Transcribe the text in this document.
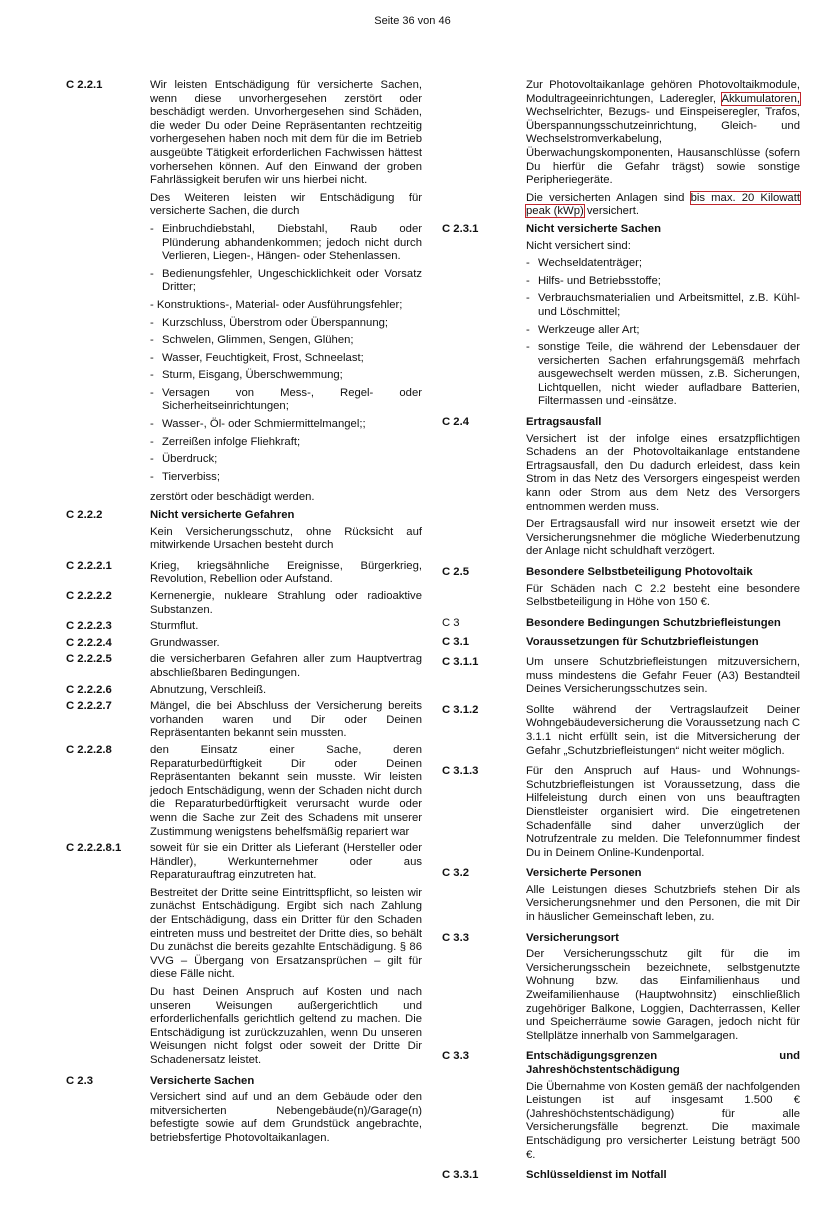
Seite 36 von 46
C 2.2.1	Wir leisten Entschädigung für versicherte Sachen, wenn diese unvorhergesehen zerstört oder beschädigt werden. Unvorhergesehen sind Schäden, die weder Du oder Deine Repräsentanten rechtzeitig vorhergesehen haben noch mit dem für die im Betrieb ausgeübte Tätigkeit erforderlichen Fachwissen hättest vorhersehen können. Auf den Einwand der groben Fahrlässigkeit berufen wir uns hierbei nicht.

Des Weiteren leisten wir Entschädigung für versicherte Sachen, die durch

- Einbruchdiebstahl, Diebstahl, Raub oder Plünderung abhandenkommen; jedoch nicht durch Verlieren, Liegen-, Hängen- oder Stehenlassen.
- Bedienungsfehler, Ungeschicklichkeit oder Vorsatz Dritter;
- Konstruktions-, Material- oder Ausführungsfehler;
- Kurzschluss, Überstrom oder Überspannung;
- Schwelen, Glimmen, Sengen, Glühen;
- Wasser, Feuchtigkeit, Frost, Schneelast;
- Sturm, Eisgang, Überschwemmung;
- Versagen von Mess-, Regel- oder Sicherheitseinrichtungen;
- Wasser-, Öl- oder Schmiermittelmangel;;
- Zerreißen infolge Fliehkraft;
- Überdruck;
- Tierverbiss;
zerstört oder beschädigt werden.
C 2.2.2	Nicht versicherte Gefahren

Kein Versicherungsschutz, ohne Rücksicht auf mitwirkende Ursachen besteht durch

C 2.2.2.1	Krieg, kriegsähnliche Ereignisse, Bürgerkrieg, Revolution, Rebellion oder Aufstand.
C 2.2.2.2	Kernenergie, nukleare Strahlung oder radioaktive Substanzen.
C 2.2.2.3	Sturmflut.
C 2.2.2.4	Grundwasser.
C 2.2.2.5	die versicherbaren Gefahren aller zum Hauptvertrag abschließbaren Bedingungen.
C 2.2.2.6	Abnutzung, Verschleiß.
C 2.2.2.7	Mängel, die bei Abschluss der Versicherung bereits vorhanden waren und Dir oder Deinen Repräsentanten bekannt sein mussten.
C 2.2.2.8	den Einsatz einer Sache, deren Reparaturbedürftigkeit Dir oder Deinen Repräsentanten bekannt sein musste. Wir leisten jedoch Entschädigung, wenn der Schaden nicht durch die Reparaturbedürftigkeit verursacht wurde oder wenn die Sache zur Zeit des Schadens mit unserer Zustimmung wenigstens behelfsmäßig repariert war
C 2.2.2.8.1	soweit für sie ein Dritter als Lieferant (Hersteller oder Händler), Werkunternehmer oder aus Reparaturauftrag einzutreten hat.

Bestreitet der Dritte seine Eintrittspflicht, so leisten wir zunächst Entschädigung. Ergibt sich nach Zahlung der Entschädigung, dass ein Dritter für den Schaden eintreten muss und bestreitet der Dritte dies, so behält Du zunächst die bereits gezahlte Entschädigung. § 86 VVG – Übergang von Ersatzansprüchen – gilt für diese Fälle nicht.

Du hast Deinen Anspruch auf Kosten und nach unseren Weisungen außergerichtlich und erforderlichenfalls gerichtlich geltend zu machen. Die Entschädigung ist zurückzuzahlen, wenn Du unseren Weisungen nicht folgst oder soweit der Dritte Dir Schadenersatz leistet.

C 2.3	Versicherte Sachen

Versichert sind auf und an dem Gebäude oder den mitversicherten Nebengebäude(n)/Garage(n) befestigte sowie auf dem Grundstück angebrachte, betriebsfertige Photovoltaikanlagen.

Zur Photovoltaikanlage gehören Photovoltaikmodule, Modultrageeinrichtungen, Laderegler, Akkumulatoren, Wechselrichter, Bezugs- und Einspeiseregler, Trafos, Überspannungsschutzeinrichtung, Gleich- und Wechselstromverkabelung, Überwachungskomponenten, Hausanschlüsse (sofern Du hierfür die Gefahr trägst) sowie sonstige Peripheriegeräte.

Die versicherten Anlagen sind bis max. 20 Kilowatt peak (kWp) versichert.

C 2.3.1	Nicht versicherte Sachen

Nicht versichert sind:

- Wechseldatenträger;
- Hilfs- und Betriebsstoffe;
- Verbrauchsmaterialien und Arbeitsmittel, z.B. Kühl- und Löschmittel;
- Werkzeuge aller Art;
- sonstige Teile, die während der Lebensdauer der versicherten Sachen erfahrungsgemäß mehrfach ausgewechselt werden müssen, z.B. Sicherungen, Lichtquellen, nicht wieder aufladbare Batterien, Filtermassen und -einsätze.
C 2.4	Ertragsausfall

Versichert ist der infolge eines ersatzpflichtigen Schadens an der Photovoltaikanlage entstandene Ertragsausfall, den Du dadurch erleidest, dass kein Strom in das Netz des Versorgers eingespeist werden kann oder Strom aus dem Netz des Versorgers entnommen werden muss.

Der Ertragsausfall wird nur insoweit ersetzt wie der Versicherungsnehmer die mögliche Wiederbenutzung der Anlage nicht schuldhaft verzögert.

C 2.5	Besondere Selbstbeteiligung Photovoltaik

Für Schäden nach C 2.2 besteht eine besondere Selbstbeteiligung in Höhe von 150 €.

C 3	Besondere Bedingungen Schutzbriefleistungen
C 3.1	Voraussetzungen für Schutzbriefleistungen
C 3.1.1	Um unsere Schutzbriefleistungen mitzuversichern, muss mindestens die Gefahr Feuer (A3) Bestandteil Deines Versicherungsschutzes sein.

C 3.1.2	Sollte während der Vertragslaufzeit Deiner Wohngebäudeversicherung die Voraussetzung nach C 3.1.1 nicht erfüllt sein, ist die Mitversicherung der Gefahr „Schutzbriefleistungen“ nicht weiter möglich.

C 3.1.3	Für den Anspruch auf Haus- und Wohnungs-Schutzbriefleistungen ist Voraussetzung, dass die Hilfeleistung durch einen von uns beauftragten Dienstleister organisiert wird. Die eingetretenen Schadenfälle sind daher unverzüglich der Notrufzentrale zu melden. Die Telefonnummer findest Du in Deinem Online-Kundenportal.

C 3.2	Versicherte Personen

Alle Leistungen dieses Schutzbriefs stehen Dir als Versicherungsnehmer und den Personen, die mit Dir in häuslicher Gemeinschaft leben, zu.

C 3.3	Versicherungsort

Der Versicherungsschutz gilt für die im Versicherungsschein bezeichnete, selbstgenutzte Wohnung bzw. das Einfamilienhaus und Zweifamilienhause (Hauptwohnsitz) einschließlich zugehöriger Balkone, Loggien, Dachterrassen, Keller und Speicherräume sowie Garagen, jedoch nicht für Stellplätze innerhalb von Sammelgaragen.

C 3.3	Entschädigungsgrenzen und Jahreshöchstentschädigung

Die Übernahme von Kosten gemäß der nachfolgenden Leistungen ist auf insgesamt 1.500 € (Jahreshöchstentschädigung) für alle Versicherungsfälle begrenzt. Die maximale Entschädigung pro versicherter Leistung beträgt 500 €.

C 3.3.1	Schlüsseldienst im Notfall
